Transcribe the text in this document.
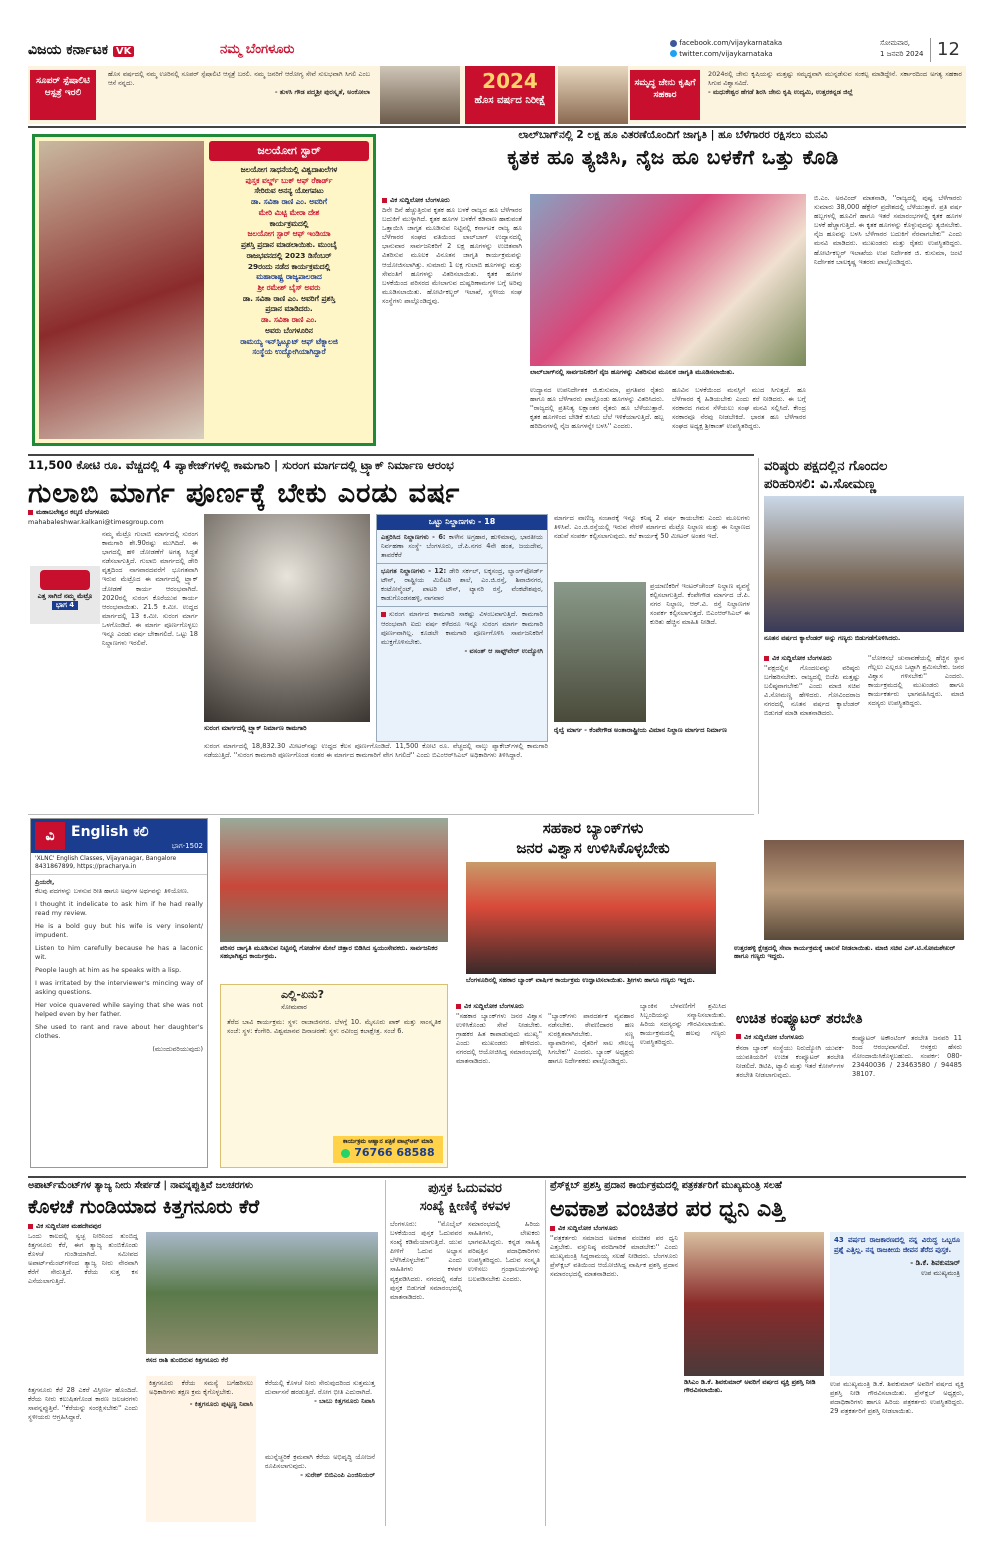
ವಿಜಯ ಕರ್ನಾಟಕ VK	ನಮ್ಮ ಬೆಂಗಳೂರು	facebook.com/vijaykarnataka
twitter.com/vijaykarnataka
ಸೋಮವಾರ,
1 ಜನವರಿ 2024 12
ಸೂಪರ್ ಸ್ಪೆಷಾಲಿಟಿ ಆಸ್ಪತ್ರೆ ಇರಲಿ
ಹೊಸ ವರ್ಷದಲ್ಲಿ ನಮ್ಮ ಊರಿನಲ್ಲಿ ಸೂಪರ್ ಸ್ಪೆಷಾಲಿಟಿ ಆಸ್ಪತ್ರೆ ಬರಲಿ. ನಮ್ಮ ಜನರಿಗೆ ಆರೋಗ್ಯ ಸೇವೆ ಸುಲಭವಾಗಿ ಸಿಗಲಿ ಎಂಬ ಆಸೆ ನನ್ನದು.

- ತುಳಸಿ ಗೌಡ ಪದ್ಮಶ್ರೀ ಪುರಸ್ಕೃತೆ, ಅಂಕೋಲಾ	2024
ಹೊಸ ವರ್ಷದ ನಿರೀಕ್ಷೆ
ಸಮೃದ್ಧ ಜೇನು ಕೃಷಿಗೆ ಸಹಕಾರ
2024ರಲ್ಲಿ ಜೇನು ಕೃಷಿಯನ್ನು ಮತ್ತಷ್ಟು ಸಮೃದ್ಧವಾಗಿ ಮುನ್ನಡೆಸುವ ಸಂಕಲ್ಪ ಮಾಡಿದ್ದೇನೆ. ಸರ್ಕಾರದಿಂದ ಅಗತ್ಯ ಸಹಕಾರ ಸಿಗುವ ವಿಶ್ವಾಸವಿದೆ.
- ಮಧುಕೇಶ್ವರ ಹೆಗಡೆ ಶಿರಸಿ ಜೇನು ಕೃಷಿ ಉದ್ಯಮಿ, ಉತ್ತರಕನ್ನಡ ಜಿಲ್ಲೆ
ಜಲಯೋಗ ಸ್ಟಾರ್
ಜಲಯೋಗ ಸಾಧನೆಯಲ್ಲಿ ವಿಶ್ವದಾಖಲೆಗಳ
ಪುಸ್ತಕ ವರ್ಲ್ಡ್ ಬುಕ್ ಆಫ್ ರೆಕಾರ್ಡ್
ಸೇರಿರುವ ಅನನ್ಯ ಯೋಗಪಟು
ಡಾ. ಸವಿತಾ ರಾಣಿ ಎಂ. ಅವರಿಗೆ
ಮೇರಿ ಮಿಟ್ಟಿ ಮೇರಾ ದೇಶ
ಕಾರ್ಯಕ್ರಮದಲ್ಲಿ
ಜಲಯೋಗ ಸ್ಟಾರ್ ಆಫ್ ಇಂಡಿಯಾ
ಪ್ರಶಸ್ತಿ ಪ್ರದಾನ ಮಾಡಲಾಯಿತು. ಮುಂಬೈ
ರಾಜಭವನದಲ್ಲಿ 2023 ಡಿಸೆಂಬರ್
29ರಂದು ನಡೆದ ಕಾರ್ಯಕ್ರಮದಲ್ಲಿ
ಮಹಾರಾಷ್ಟ್ರ ರಾಜ್ಯಪಾಲರಾದ
ಶ್ರೀ ರಮೇಶ್ ಬೈಸ್ ಅವರು
ಡಾ. ಸವಿತಾ ರಾಣಿ ಎಂ. ಅವರಿಗೆ ಪ್ರಶಸ್ತಿ
ಪ್ರದಾನ ಮಾಡಿದರು.
ಡಾ. ಸವಿತಾ ರಾಣಿ ಎಂ.
ಅವರು ಬೆಂಗಳೂರಿನ
ರಾಮಯ್ಯ ಇನ್‌ಸ್ಟಿಟ್ಯೂಟ್ ಆಫ್ ಟೆಕ್ನಾಲಜಿ
ಸಂಸ್ಥೆಯ ಉದ್ಯೋಗಿಯಾಗಿದ್ದಾರೆ
ಲಾಲ್‌ಬಾಗ್‌ನಲ್ಲಿ 2 ಲಕ್ಷ ಹೂ ವಿತರಣೆಯೊಂದಿಗೆ ಜಾಗೃತಿ | ಹೂ ಬೆಳೆಗಾರರ ರಕ್ಷಿಸಲು ಮನವಿ
ಕೃತಕ ಹೂ ತ್ಯಜಿಸಿ, ನೈಜ ಹೂ ಬಳಕೆಗೆ ಒತ್ತು ಕೊಡಿ
ವಿಕ ಸುದ್ದಿಲೋಕ ಬೆಂಗಳೂರು
ದಿನೇ ದಿನೆ ಹೆಚ್ಚುತ್ತಿರುವ ಕೃತಕ ಹೂ ಬಳಕೆ ರಾಜ್ಯದ ಹೂ ಬೆಳೆಗಾರರ ಬದುಕಿಗೆ ಮುಳ್ಳಾಗಿದೆ. ಕೃತಕ ಹೂಗಳ ಬಳಕೆಗೆ ಕಡಿವಾಣ ಹಾಕುವಂತೆ ಒತ್ತಾಯಿಸಿ ಜಾಗೃತ ಮೂಡಿಸುವ ನಿಟ್ಟಿನಲ್ಲಿ ಕರ್ನಾಟಕ ರಾಜ್ಯ ಹೂ ಬೆಳೆಗಾರರ ಸಂಘದ ವತಿಯಿಂದ ಲಾಲ್‌ಬಾಗ್ ಉದ್ಯಾನದಲ್ಲಿ ಭಾನುವಾರ ಸಾರ್ವಜನಿಕರಿಗೆ 2 ಲಕ್ಷ ಹೂಗಳನ್ನು ಉಚಿತವಾಗಿ ವಿತರಿಸುವ ಮೂಲಕ ವಿನೂತನ ಜಾಗೃತಿ ಕಾರ್ಯಕ್ರಮವನ್ನು ಆಯೋಜಿಸಲಾಗಿತ್ತು. ಸುಮಾರು 1 ಲಕ್ಷ ಗುಲಾಬಿ ಹೂಗಳನ್ನು ಮತ್ತು ಸೇವಂತಿಗೆ ಹೂಗಳನ್ನು ವಿತರಿಸಲಾಯಿತು. ಕೃತಕ ಹೂಗಳ ಬಳಕೆಯಿಂದ ಪರಿಸರದ ಮೇಲಾಗುವ ದುಷ್ಪರಿಣಾಮಗಳ ಬಗ್ಗೆ ಅರಿವು ಮೂಡಿಸಲಾಯಿತು. ಹೋರ್ಟಿಕಲ್ಚರ್ ಇಲಾಖೆ, ಸ್ಥಳೀಯ ಸಂಘ ಸಂಸ್ಥೆಗಳು ಪಾಲ್ಗೊಂಡಿದ್ದವು.
ಲಾಲ್‌ಬಾಗ್‌ನಲ್ಲಿ ಸಾರ್ವಜನಿಕರಿಗೆ ನೈಜ ಹೂಗಳನ್ನು ವಿತರಿಸುವ ಮೂಲಕ ಜಾಗೃತಿ ಮೂಡಿಸಲಾಯಿತು.
ಉದ್ಯಾನದ ಉಪನಿರ್ದೇಶಕ ಜಿ.ಕುಸುಮಾ, ಪ್ರಗತಿಪರ ರೈತರು ಹಾಗೂ ಹೂ ಬೆಳೆಗಾರರು ಪಾಲ್ಗೊಂಡು ಹೂಗಳನ್ನು ವಿತರಿಸಿದರು. ''ರಾಜ್ಯದಲ್ಲಿ ಪ್ರತಿನಿತ್ಯ ಲಕ್ಷಾಂತರ ರೈತರು ಹೂ ಬೆಳೆಯುತ್ತಾರೆ. ಕೃತಕ ಹೂಗಳಿಂದ ಬೇಡಿಕೆ ಕುಸಿದು ಬೆಲೆ ಇಳಿಕೆಯಾಗುತ್ತಿದೆ. ಹಬ್ಬ ಹರಿದಿನಗಳಲ್ಲಿ ನೈಜ ಹೂಗಳನ್ನೇ ಬಳಸಿ'' ಎಂದರು.
ಹೂವಿನ ಬಳಕೆಯಿಂದ ಮನಸ್ಸಿಗೆ ಮುದ ಸಿಗುತ್ತದೆ. ಹೂ ಬೆಳೆಗಾರರ ಕೈ ಹಿಡಿಯಬೇಕು ಎಂದು ಕರೆ ನೀಡಿದರು. ಈ ಬಗ್ಗೆ ಸರಕಾರದ ಗಮನ ಸೆಳೆಯಲು ಸಂಘ ಮನವಿ ಸಲ್ಲಿಸಿದೆ. ಕೇಂದ್ರ ಸರಕಾರವೂ ನೆರವು ನೀಡಬೇಕಿದೆ. ಭಾರತ ಹೂ ಬೆಳೆಗಾರರ ಸಂಘದ ಅಧ್ಯಕ್ಷ ಶ್ರೀಕಾಂತ್ ಉಪಸ್ಥಿತರಿದ್ದರು.
ಬಿ.ಎಂ. ಅರವಿಂದ್ ಮಾತನಾಡಿ, ''ರಾಜ್ಯದಲ್ಲಿ ಪುಷ್ಪ ಬೆಳೆಗಾರರು ಸುಮಾರು 38,000 ಹೆಕ್ಟೇರ್ ಪ್ರದೇಶದಲ್ಲಿ ಬೆಳೆಯುತ್ತಾರೆ. ಪ್ರತಿ ವರ್ಷ ಹಬ್ಬಗಳಲ್ಲಿ ಹೂವಿಗೆ ಹಾಗೂ ಇತರೆ ಸಮಾರಂಭಗಳಲ್ಲಿ ಕೃತಕ ಹೂಗಳ ಬಳಕೆ ಹೆಚ್ಚಾಗುತ್ತಿದೆ. ಈ ಕೃತಕ ಹೂಗಳನ್ನು ಕೊಳ್ಳುವುದನ್ನು ತ್ಯಜಿಸಬೇಕು. ನೈಜ ಹೂವನ್ನು ಬಳಸಿ ಬೆಳೆಗಾರರ ಬದುಕಿಗೆ ನೆರವಾಗಬೇಕು'' ಎಂದು ಮನವಿ ಮಾಡಿದರು. ಮುಖಂಡರು ಮತ್ತು ರೈತರು ಉಪಸ್ಥಿತರಿದ್ದರು. ಹೋರ್ಟಿಕಲ್ಚರ್ ಇಲಾಖೆಯ ಉಪ ನಿರ್ದೇಶಕ ಜಿ. ಕುಸುಮಾ, ಜಂಟಿ ನಿರ್ದೇಶಕ ಬಾಲಕೃಷ್ಣ ಇತರರು ಪಾಲ್ಗೊಂಡಿದ್ದರು.
11,500 ಕೋಟಿ ರೂ. ವೆಚ್ಚದಲ್ಲಿ 4 ಪ್ಯಾಕೇಜ್‌ಗಳಲ್ಲಿ ಕಾಮಗಾರಿ | ಸುರಂಗ ಮಾರ್ಗದಲ್ಲಿ ಟ್ರ್ಯಾಕ್ ನಿರ್ಮಾಣ ಆರಂಭ
ಗುಲಾಬಿ ಮಾರ್ಗ ಪೂರ್ಣಕ್ಕೆ ಬೇಕು ಎರಡು ವರ್ಷ
ಮಹಾಬಲೇಶ್ವರ ಕಲ್ಕಣಿ ಬೆಂಗಳೂರು
mahabaleshwar.kalkani@timesgroup.com
ಎತ್ತ ಸಾಗಿದೆ ನಮ್ಮ ಮೆಟ್ರೊ
ಭಾಗ 4
ನಮ್ಮ ಮೆಟ್ರೊ ಗುಲಾಬಿ ಮಾರ್ಗದಲ್ಲಿ ಸುರಂಗ ಕಾಮಗಾರಿ ಶೇ.90ರಷ್ಟು ಮುಗಿದಿದೆ. ಈ ಭಾಗದಲ್ಲಿ ಹಳಿ ಜೋಡಣೆಗೆ ಅಗತ್ಯ ಸಿದ್ಧತೆ ನಡೆಸಲಾಗುತ್ತಿದೆ. ಗುಲಾಬಿ ಮಾರ್ಗದಲ್ಲಿ ಡೇರಿ ವೃತ್ತದಿಂದ ನಾಗವಾರದವರೆಗೆ ಭೂಗತವಾಗಿ ಇರುವ ಮೆಟ್ರೊದ ಈ ಮಾರ್ಗದಲ್ಲಿ ಟ್ರ್ಯಾಕ್ ಜೋಡಣೆ ಕಾರ್ಯ ಆರಂಭವಾಗಿದೆ. 2020ರಲ್ಲಿ ಸುರಂಗ ಕೊರೆಯುವ ಕಾರ್ಯ ಆರಂಭವಾಯಿತು. 21.5 ಕಿ.ಮೀ. ಉದ್ದದ ಮಾರ್ಗದಲ್ಲಿ 13 ಕಿ.ಮೀ. ಸುರಂಗ ಮಾರ್ಗ ಒಳಗೊಂಡಿದೆ. ಈ ಮಾರ್ಗ ಪೂರ್ಣಗೊಳ್ಳಲು ಇನ್ನೂ ಎರಡು ವರ್ಷ ಬೇಕಾಗಲಿದೆ. ಒಟ್ಟು 18 ನಿಲ್ದಾಣಗಳು ಇರಲಿವೆ.
ಸುರಂಗ ಮಾರ್ಗದಲ್ಲಿ ಟ್ರ್ಯಾಕ್ ನಿರ್ಮಾಣ ಕಾಮಗಾರಿ
ಸುರಂಗ ಮಾರ್ಗದಲ್ಲಿ 18,832.30 ಮೀಟರ್‌ನಷ್ಟು ಉದ್ದದ ಕೆಲಸ ಪೂರ್ಣಗೊಂಡಿದೆ. 11,500 ಕೋಟಿ ರೂ. ವೆಚ್ಚದಲ್ಲಿ ನಾಲ್ಕು ಪ್ಯಾಕೇಜ್‌ಗಳಲ್ಲಿ ಕಾಮಗಾರಿ ನಡೆಯುತ್ತಿದೆ. ''ಸುರಂಗ ಕಾಮಗಾರಿ ಪೂರ್ಣಗೊಂಡ ನಂತರ ಈ ಮಾರ್ಗದ ಕಾಮಗಾರಿಗೆ ವೇಗ ಸಿಗಲಿದೆ'' ಎಂದು ಬಿಎಂಆರ್‌ಸಿಎಲ್ ಅಧಿಕಾರಿಗಳು ತಿಳಿಸಿದ್ದಾರೆ.
ಒಟ್ಟು ನಿಲ್ದಾಣಗಳು - 18
ಎತ್ತರಿಸಿದ ನಿಲ್ದಾಣಗಳು - 6: ಕಾಳೇನ ಅಗ್ರಹಾರ, ಹುಳಿಮಾವು, ಭಾರತೀಯ ನಿರ್ವಹಣಾ ಸಂಸ್ಥೆ- ಬೆಂಗಳೂರು, ಜೆ.ಪಿ.ನಗರ 4ನೇ ಹಂತ, ಜಯದೇವ, ತಾವರೆಕೆರೆ
ಭೂಗತ ನಿಲ್ದಾಣಗಳು - 12: ಡೇರಿ ಸರ್ಕಲ್, ಲಕ್ಕಸಂದ್ರ, ಲ್ಯಾಂಗ್‌ಫೋರ್ಡ್ ಟೌನ್, ರಾಷ್ಟ್ರೀಯ ಮಿಲಿಟರಿ ಶಾಲೆ, ಎಂ.ಜಿ.ರಸ್ತೆ, ಶಿವಾಜಿನಗರ, ಕಂಟೋನ್ಮೆಂಟ್, ಪಾಟರಿ ಟೌನ್, ಟ್ಯಾನರಿ ರಸ್ತೆ, ವೆಂಕಟೇಶಪುರ, ಕಾಡುಗೊಂಡನಹಳ್ಳಿ, ನಾಗವಾರ
ಸುರಂಗ ಮಾರ್ಗದ ಕಾಮಗಾರಿ ಸಾಕಷ್ಟು ವಿಳಂಬವಾಗುತ್ತಿದೆ. ಕಾಮಗಾರಿ ಆರಂಭವಾಗಿ ಐದು ವರ್ಷ ಕಳೆದರೂ ಇನ್ನೂ ಸುರಂಗ ಮಾರ್ಗ ಕಾಮಗಾರಿ ಪೂರ್ಣವಾಗಿಲ್ಲ. ಕೂಡಲೇ ಕಾಮಗಾರಿ ಪೂರ್ಣಗೊಳಿಸಿ ಸಾರ್ವಜನಿಕರಿಗೆ ಮುಕ್ತಗೊಳಿಸಬೇಕು.
- ವಸಂತ್ ಆ ಸಾಫ್ಟ್‌ವೇರ್ ಉದ್ಯೋಗಿ
ಮಾರ್ಗದ ವಾಣಿಜ್ಯ ಸಂಚಾರಕ್ಕೆ ಇನ್ನೂ ಕನಿಷ್ಠ 2 ವರ್ಷ ಕಾಯಬೇಕು ಎಂದು ಮೂಲಗಳು ತಿಳಿಸಿವೆ. ಎಂ.ಜಿ.ರಸ್ತೆಯಲ್ಲಿ ಇರುವ ನೇರಳೆ ಮಾರ್ಗದ ಮೆಟ್ರೊ ನಿಲ್ದಾಣ ಮತ್ತು ಈ ನಿಲ್ದಾಣದ ನಡುವೆ ಸಂಪರ್ಕ ಕಲ್ಪಿಸಲಾಗುವುದು. ಕಲೆ ಕಾರ್ಯಕ್ಕೆ 50 ಮೀಟರ್ ಅಂತರ ಇದೆ.
ಪ್ರಯಾಣಿಕರಿಗೆ ಇಂಟರ್‌ಚೇಂಜ್ ನಿಲ್ದಾಣ ವ್ಯವಸ್ಥೆ ಕಲ್ಪಿಸಲಾಗುತ್ತಿದೆ. ಕೆಂಪೇಗೌಡ ಮಾರ್ಗದ ಜೆ.ಪಿ. ನಗರ ನಿಲ್ದಾಣ, ಆರ್.ವಿ. ರಸ್ತೆ ನಿಲ್ದಾಣಗಳ ಸಂಪರ್ಕ ಕಲ್ಪಿಸಲಾಗುತ್ತದೆ. ಬಿಎಂಆರ್‌ಸಿಎಲ್ ಈ ಕುರಿತು ಹೆಚ್ಚಿನ ಮಾಹಿತಿ ನೀಡಿದೆ.
ರೈಲ್ವೆ ಮಾರ್ಗ - ಕೆಂಪೇಗೌಡ ಅಂತಾರಾಷ್ಟ್ರೀಯ ವಿಮಾನ ನಿಲ್ದಾಣ ಮಾರ್ಗದ ನಿರ್ಮಾಣ
ವರಿಷ್ಠರು ಪಕ್ಷದಲ್ಲಿನ ಗೊಂದಲ
ಪರಿಹರಿಸಲಿ: ವಿ.ಸೋಮಣ್ಣ
ನೂತನ ವರ್ಷದ ಕ್ಯಾಲೆಂಡರ್ ಅನ್ನು ಗಣ್ಯರು ಬಿಡುಗಡೆಗೊಳಿಸಿದರು.
ವಿಕ ಸುದ್ದಿಲೋಕ ಬೆಂಗಳೂರು
''ಪಕ್ಷದಲ್ಲಿನ ಗೊಂದಲವನ್ನು ವರಿಷ್ಠರು ಬಗೆಹರಿಸಬೇಕು. ರಾಜ್ಯದಲ್ಲಿ ಬಿಜೆಪಿ ಮತ್ತಷ್ಟು ಬಲಿಷ್ಠವಾಗಬೇಕು'' ಎಂದು ಮಾಜಿ ಸಚಿವ ವಿ.ಸೋಮಣ್ಣ ಹೇಳಿದರು. ಗೋವಿಂದರಾಜ ನಗರದಲ್ಲಿ ನೂತನ ವರ್ಷದ ಕ್ಯಾಲೆಂಡರ್ ಬಿಡುಗಡೆ ಮಾಡಿ ಮಾತನಾಡಿದರು.
''ಲೋಕಸಭೆ ಚುನಾವಣೆಯಲ್ಲಿ ಹೆಚ್ಚಿನ ಸ್ಥಾನ ಗೆಲ್ಲಲು ಎಲ್ಲರೂ ಒಟ್ಟಾಗಿ ಶ್ರಮಿಸಬೇಕು. ಜನರ ವಿಶ್ವಾಸ ಗಳಿಸಬೇಕು'' ಎಂದರು. ಕಾರ್ಯಕ್ರಮದಲ್ಲಿ ಮುಖಂಡರು ಹಾಗೂ ಕಾರ್ಯಕರ್ತರು ಭಾಗವಹಿಸಿದ್ದರು. ಮಾಜಿ ಸದಸ್ಯರು ಉಪಸ್ಥಿತರಿದ್ದರು.
ಉತ್ತರಹಳ್ಳಿ ಕ್ಷೇತ್ರದಲ್ಲಿ ಸೇವಾ ಕಾರ್ಯಕ್ರಮಕ್ಕೆ ಚಾಲನೆ ನೀಡಲಾಯಿತು. ಮಾಜಿ ಸಚಿವ ಎಸ್.ಟಿ.ಸೋಮಶೇಖರ್ ಹಾಗೂ ಗಣ್ಯರು ಇದ್ದರು.
ವಿ	English ಕಲಿ
ಭಾಗ-1502
'XLNC' English Classes, Vijayanagar, Bangalore
8431867899, https://pracharya.in
ಪ್ರಿಯರೇ,
ಕೆಲವು ಪದಗಳನ್ನು ಬಳಸುವ ರೀತಿ ಹಾಗೂ ಅವುಗಳ ಅರ್ಥವನ್ನು ತಿಳಿಯೋಣ.
I thought it indelicate to ask him if he had really read my review.
He is a bold guy but his wife is very insolent/ impudent.
Listen to him carefully because he has a laconic wit.
People laugh at him as he speaks with a lisp.
I was irritated by the interviewer's mincing way of asking questions.
Her voice quavered while saying that she was not helped even by her father.
She used to rant and rave about her daughter's clothes.
(ಮುಂದುವರಿಯುವುದು)
ಪರಿಸರ ಜಾಗೃತಿ ಮೂಡಿಸುವ ನಿಟ್ಟಿನಲ್ಲಿ ಗೋಡೆಗಳ ಮೇಲೆ ಚಿತ್ತಾರ ಬಿಡಿಸಿದ ಸ್ವಯಂಸೇವಕರು. ಸಾರ್ವಜನಿಕರ ಸಹಭಾಗಿತ್ವದ ಕಾರ್ಯಕ್ರಮ.
ಎಲ್ಲಿ-ಏನು?
ಸೋಮವಾರ
ತೆರೆದ ಬಾವಿ ಕಾರ್ಯಕ್ರಮ: ಸ್ಥಳ: ರಾಜಾಜಿನಗರ. ಬೆಳಗ್ಗೆ 10. ಮೈಸೂರು ಪಾಕ್ ಮತ್ತು ಸಾಂಸ್ಕೃತಿಕ ಸಂಜೆ: ಸ್ಥಳ: ಕೆಂಗೇರಿ. ವಿಶ್ವಮಾನವ ದಿನಾಚರಣೆ: ಸ್ಥಳ: ರವೀಂದ್ರ ಕಲಾಕ್ಷೇತ್ರ. ಸಂಜೆ 6.
ಕಾರ್ಯಕ್ರಮ ಆಹ್ವಾನ ಪತ್ರಿಕೆ ವಾಟ್ಸ್‌ಆಪ್ ಮಾಡಿ
76766 68588
ಸಹಕಾರ ಬ್ಯಾಂಕ್‌ಗಳು
ಜನರ ವಿಶ್ವಾಸ ಉಳಿಸಿಕೊಳ್ಳಬೇಕು
ಬೆಂಗಳೂರಿನಲ್ಲಿ ಸಹಕಾರ ಬ್ಯಾಂಕ್ ವಾರ್ಷಿಕ ಕಾರ್ಯಕ್ರಮ ಉದ್ಘಾಟಿಸಲಾಯಿತು. ಶ್ರೀಗಳು ಹಾಗೂ ಗಣ್ಯರು ಇದ್ದರು.
ವಿಕ ಸುದ್ದಿಲೋಕ ಬೆಂಗಳೂರು
''ಸಹಕಾರ ಬ್ಯಾಂಕ್‌ಗಳು ಜನರ ವಿಶ್ವಾಸ ಉಳಿಸಿಕೊಂಡು ಸೇವೆ ನೀಡಬೇಕು. ಗ್ರಾಹಕರ ಹಿತ ಕಾಪಾಡುವುದು ಮುಖ್ಯ'' ಎಂದು ಮುಖಂಡರು ಹೇಳಿದರು. ನಗರದಲ್ಲಿ ಆಯೋಜಿಸಿದ್ದ ಸಮಾರಂಭದಲ್ಲಿ ಮಾತನಾಡಿದರು.
''ಬ್ಯಾಂಕ್‌ಗಳು ಪಾರದರ್ಶಕ ವ್ಯವಹಾರ ನಡೆಸಬೇಕು. ಠೇವಣಿದಾರರ ಹಣ ಸುರಕ್ಷಿತವಾಗಿರಬೇಕು. ಸಣ್ಣ ವ್ಯಾಪಾರಿಗಳು, ರೈತರಿಗೆ ಸಾಲ ಸೌಲಭ್ಯ ಸಿಗಬೇಕು'' ಎಂದರು. ಬ್ಯಾಂಕ್ ಅಧ್ಯಕ್ಷರು ಹಾಗೂ ನಿರ್ದೇಶಕರು ಪಾಲ್ಗೊಂಡಿದ್ದರು.
ಬ್ಯಾಂಕಿನ ಬೆಳವಣಿಗೆಗೆ ಶ್ರಮಿಸಿದ ಸಿಬ್ಬಂದಿಯನ್ನು ಸನ್ಮಾನಿಸಲಾಯಿತು. ಹಿರಿಯ ಸದಸ್ಯರನ್ನು ಗೌರವಿಸಲಾಯಿತು. ಕಾರ್ಯಕ್ರಮದಲ್ಲಿ ಹಲವು ಗಣ್ಯರು ಉಪಸ್ಥಿತರಿದ್ದರು.
ಉಚಿತ ಕಂಪ್ಯೂಟರ್ ತರಬೇತಿ
ವಿಕ ಸುದ್ದಿಲೋಕ ಬೆಂಗಳೂರು
ಕೆನರಾ ಬ್ಯಾಂಕ್ ಸಂಸ್ಥೆಯು ನಿರುದ್ಯೋಗಿ ಯುವಕ-ಯುವತಿಯರಿಗೆ ಉಚಿತ ಕಂಪ್ಯೂಟರ್ ತರಬೇತಿ ನೀಡಲಿದೆ. ಡಿಟಿಪಿ, ಟ್ಯಾಲಿ ಮತ್ತು ಇತರೆ ಕೋರ್ಸ್‌ಗಳ ತರಬೇತಿ ನೀಡಲಾಗುವುದು.
ಕಂಪ್ಯೂಟರ್ ಅಕೌಂಟಿಂಗ್ ತರಬೇತಿ ಜನವರಿ 11 ರಿಂದ ಆರಂಭವಾಗಲಿದೆ. ಆಸಕ್ತರು ಹೆಸರು ನೋಂದಾಯಿಸಿಕೊಳ್ಳಬಹುದು. ಸಂಪರ್ಕ: 080-23440036 / 23463580 / 94485 38107.
ಅಪಾರ್ಟ್‌ಮೆಂಟ್‌ಗಳ ತ್ಯಾಜ್ಯ ನೀರು ಸೇರ್ಪಡೆ | ನಾವನ್ನಪ್ಪುತ್ತಿವೆ ಜಲಚರಗಳು
ಕೊಳಚೆ ಗುಂಡಿಯಾದ ಕಿತ್ತಗನೂರು ಕೆರೆ
ವಿಕ ಸುದ್ದಿಲೋಕ ಮಹದೇವಪುರ
ಒಂದು ಕಾಲದಲ್ಲಿ ಸ್ವಚ್ಛ ನೀರಿನಿಂದ ತುಂಬಿದ್ದ ಕಿತ್ತಗನೂರು ಕೆರೆ, ಈಗ ತ್ಯಾಜ್ಯ ತುಂಬಿಕೊಂಡು ಕೊಳಚೆ ಗುಂಡಿಯಾಗಿದೆ. ಸಮೀಪದ ಅಪಾರ್ಟ್‌ಮೆಂಟ್‌ಗಳಿಂದ ತ್ಯಾಜ್ಯ ನೀರು ನೇರವಾಗಿ ಕೆರೆಗೆ ಸೇರುತ್ತಿದೆ. ಕೆರೆಯ ಸುತ್ತ ಕಸ ಎಸೆಯಲಾಗುತ್ತಿದೆ.
ಕಿತ್ತಗನೂರು ಕೆರೆ 28 ಎಕರೆ ವಿಸ್ತೀರ್ಣ ಹೊಂದಿದೆ. ಕೆರೆಯ ನೀರು ಕಲುಷಿತಗೊಂಡ ಕಾರಣ ಜಲಚರಗಳು ಸಾವನ್ನಪ್ಪುತ್ತಿವೆ. ''ಕೆರೆಯನ್ನು ಸಂರಕ್ಷಿಸಬೇಕು'' ಎಂದು ಸ್ಥಳೀಯರು ಆಗ್ರಹಿಸಿದ್ದಾರೆ.
ಕಸದ ರಾಶಿ ತುಂಬಿರುವ ಕಿತ್ತಗನೂರು ಕೆರೆ
ಕಿತ್ತಗನೂರು ಕೆರೆಯ ಸಮಸ್ಯೆ ಬಗೆಹರಿಸಲು ಅಧಿಕಾರಿಗಳು ತಕ್ಷಣ ಕ್ರಮ ಕೈಗೊಳ್ಳಬೇಕು.
- ಕಿತ್ತಗನೂರು ಪುಟ್ಟಣ್ಣ ನಿವಾಸಿ
ಕೆರೆಯಲ್ಲಿ ಕೊಳಚೆ ನೀರು ಸೇರುವುದರಿಂದ ಸುತ್ತಮುತ್ತ ದುರ್ವಾಸನೆ ಹರಡುತ್ತಿದೆ. ರೋಗ ಭೀತಿ ಎದುರಾಗಿದೆ.
- ಬಾಬು ಕಿತ್ತಗನೂರು ನಿವಾಸಿ
ಮುನ್ನೆಚ್ಚರಿಕೆ ಕ್ರಮವಾಗಿ ಕೆರೆಯ ಅಭಿವೃದ್ಧಿ ಯೋಜನೆ ರೂಪಿಸಲಾಗುವುದು.
- ಸುರೇಶ್ ಬಿಬಿಎಂಪಿ ಎಂಜಿನಿಯರ್
ಪುಸ್ತಕ ಓದುವವರ
ಸಂಖ್ಯೆ ಕ್ಷೀಣಿಕ್ಕೆ ಕಳವಳ
ಬೆಂಗಳೂರು: ''ಮೊಬೈಲ್ ಬಳಕೆಯಿಂದ ಪುಸ್ತಕ ಓದುವವರ ಸಂಖ್ಯೆ ಕಡಿಮೆಯಾಗುತ್ತಿದೆ. ಯುವ ಪೀಳಿಗೆ ಓದುವ ಅಭ್ಯಾಸ ಬೆಳೆಸಿಕೊಳ್ಳಬೇಕು'' ಎಂದು ಸಾಹಿತಿಗಳು ಕಳವಳ ವ್ಯಕ್ತಪಡಿಸಿದರು. ನಗರದಲ್ಲಿ ನಡೆದ ಪುಸ್ತಕ ಬಿಡುಗಡೆ ಸಮಾರಂಭದಲ್ಲಿ ಮಾತನಾಡಿದರು.
ಸಮಾರಂಭದಲ್ಲಿ ಹಿರಿಯ ಸಾಹಿತಿಗಳು, ಲೇಖಕರು ಭಾಗವಹಿಸಿದ್ದರು. ಕನ್ನಡ ಸಾಹಿತ್ಯ ಪರಿಷತ್ತಿನ ಪದಾಧಿಕಾರಿಗಳು ಉಪಸ್ಥಿತರಿದ್ದರು. ಓದುವ ಸಂಸ್ಕೃತಿ ಉಳಿಸಲು ಗ್ರಂಥಾಲಯಗಳನ್ನು ಬಲಪಡಿಸಬೇಕು ಎಂದರು.
ಪ್ರೆಸ್‌ಕ್ಲಬ್ ಪ್ರಶಸ್ತಿ ಪ್ರದಾನ ಕಾರ್ಯಕ್ರಮದಲ್ಲಿ ಪತ್ರಕರ್ತರಿಗೆ ಮುಖ್ಯಮಂತ್ರಿ ಸಲಹೆ
ಅವಕಾಶ ವಂಚಿತರ ಪರ ಧ್ವನಿ ಎತ್ತಿ
ವಿಕ ಸುದ್ದಿಲೋಕ ಬೆಂಗಳೂರು
''ಪತ್ರಕರ್ತರು ಸಮಾಜದ ಅವಕಾಶ ವಂಚಿತರ ಪರ ಧ್ವನಿ ಎತ್ತಬೇಕು. ವಸ್ತುನಿಷ್ಠ ವರದಿಗಾರಿಕೆ ಮಾಡಬೇಕು'' ಎಂದು ಮುಖ್ಯಮಂತ್ರಿ ಸಿದ್ದರಾಮಯ್ಯ ಸಲಹೆ ನೀಡಿದರು. ಬೆಂಗಳೂರು ಪ್ರೆಸ್‌ಕ್ಲಬ್ ವತಿಯಿಂದ ಆಯೋಜಿಸಿದ್ದ ವಾರ್ಷಿಕ ಪ್ರಶಸ್ತಿ ಪ್ರದಾನ ಸಮಾರಂಭದಲ್ಲಿ ಮಾತನಾಡಿದರು.
43 ವರ್ಷದ ರಾಜಕಾರಣದಲ್ಲಿ ನನ್ನ ವಿರುದ್ಧ ಒಬ್ಬರೂ ಪ್ರಶ್ನೆ ಎತ್ತಿಲ್ಲ. ನನ್ನ ರಾಜಕೀಯ ಜೀವನ ತೆರೆದ ಪುಸ್ತಕ.
- ಡಿ.ಕೆ. ಶಿವಕುಮಾರ್
ಉಪ ಮುಖ್ಯಮಂತ್ರಿ
ಡಿಸಿಎಂ ಡಿ.ಕೆ. ಶಿವಕುಮಾರ್ ಅವರಿಗೆ ವರ್ಷದ ವ್ಯಕ್ತಿ ಪ್ರಶಸ್ತಿ ನೀಡಿ ಗೌರವಿಸಲಾಯಿತು.
ಉಪ ಮುಖ್ಯಮಂತ್ರಿ ಡಿ.ಕೆ. ಶಿವಕುಮಾರ್ ಅವರಿಗೆ ವರ್ಷದ ವ್ಯಕ್ತಿ ಪ್ರಶಸ್ತಿ ನೀಡಿ ಗೌರವಿಸಲಾಯಿತು. ಪ್ರೆಸ್‌ಕ್ಲಬ್ ಅಧ್ಯಕ್ಷರು, ಪದಾಧಿಕಾರಿಗಳು ಹಾಗೂ ಹಿರಿಯ ಪತ್ರಕರ್ತರು ಉಪಸ್ಥಿತರಿದ್ದರು. 29 ಪತ್ರಕರ್ತರಿಗೆ ಪ್ರಶಸ್ತಿ ನೀಡಲಾಯಿತು.
